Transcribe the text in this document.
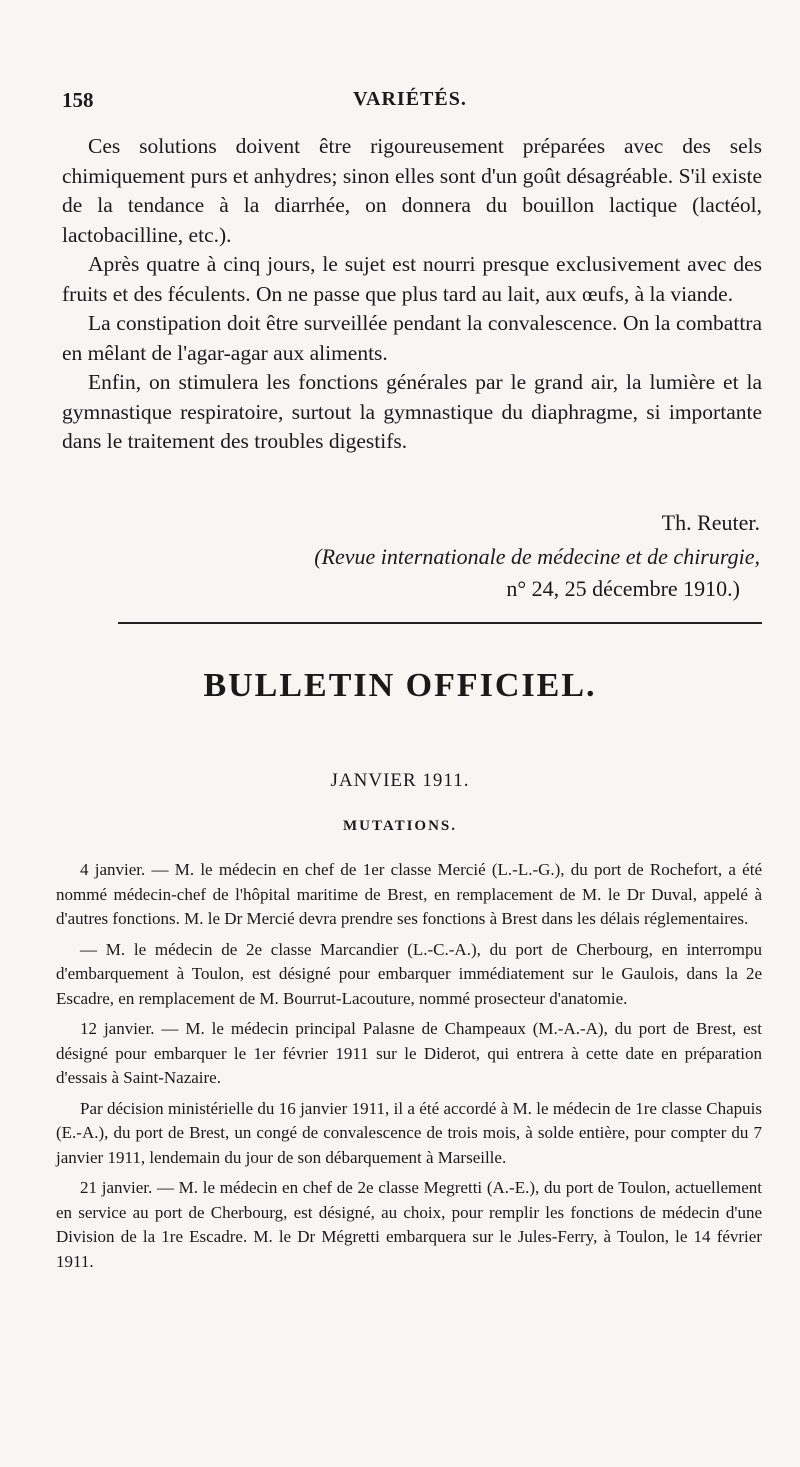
158	VARIÉTÉS.

Ces solutions doivent être rigoureusement préparées avec des sels chimiquement purs et anhydres; sinon elles sont d'un goût désagréable. S'il existe de la tendance à la diarrhée, on donnera du bouillon lactique (lactéol, lactobacilline, etc.).

Après quatre à cinq jours, le sujet est nourri presque exclusivement avec des fruits et des féculents. On ne passe que plus tard au lait, aux œufs, à la viande.

La constipation doit être surveillée pendant la convalescence. On la combattra en mêlant de l'agar-agar aux aliments.

Enfin, on stimulera les fonctions générales par le grand air, la lumière et la gymnastique respiratoire, surtout la gymnastique du diaphragme, si importante dans le traitement des troubles digestifs.

Th. Reuter.
(Revue internationale de médecine et de chirurgie,
n° 24, 25 décembre 1910.)
BULLETIN OFFICIEL.
JANVIER 1911.
MUTATIONS.

4 janvier. — M. le médecin en chef de 1er classe Mercié (L.-L.-G.), du port de Rochefort, a été nommé médecin-chef de l'hôpital maritime de Brest, en remplacement de M. le Dr Duval, appelé à d'autres fonctions. M. le Dr Mercié devra prendre ses fonctions à Brest dans les délais réglementaires.

— M. le médecin de 2e classe Marcandier (L.-C.-A.), du port de Cherbourg, en interrompu d'embarquement à Toulon, est désigné pour embarquer immédiatement sur le Gaulois, dans la 2e Escadre, en remplacement de M. Bourrut-Lacouture, nommé prosecteur d'anatomie.

12 janvier. — M. le médecin principal Palasne de Champeaux (M.-A.-A), du port de Brest, est désigné pour embarquer le 1er février 1911 sur le Diderot, qui entrera à cette date en préparation d'essais à Saint-Nazaire.

Par décision ministérielle du 16 janvier 1911, il a été accordé à M. le médecin de 1re classe Chapuis (E.-A.), du port de Brest, un congé de convalescence de trois mois, à solde entière, pour compter du 7 janvier 1911, lendemain du jour de son débarquement à Marseille.

21 janvier. — M. le médecin en chef de 2e classe Megretti (A.-E.), du port de Toulon, actuellement en service au port de Cherbourg, est désigné, au choix, pour remplir les fonctions de médecin d'une Division de la 1re Escadre. M. le Dr Mégretti embarquera sur le Jules-Ferry, à Toulon, le 14 février 1911.
